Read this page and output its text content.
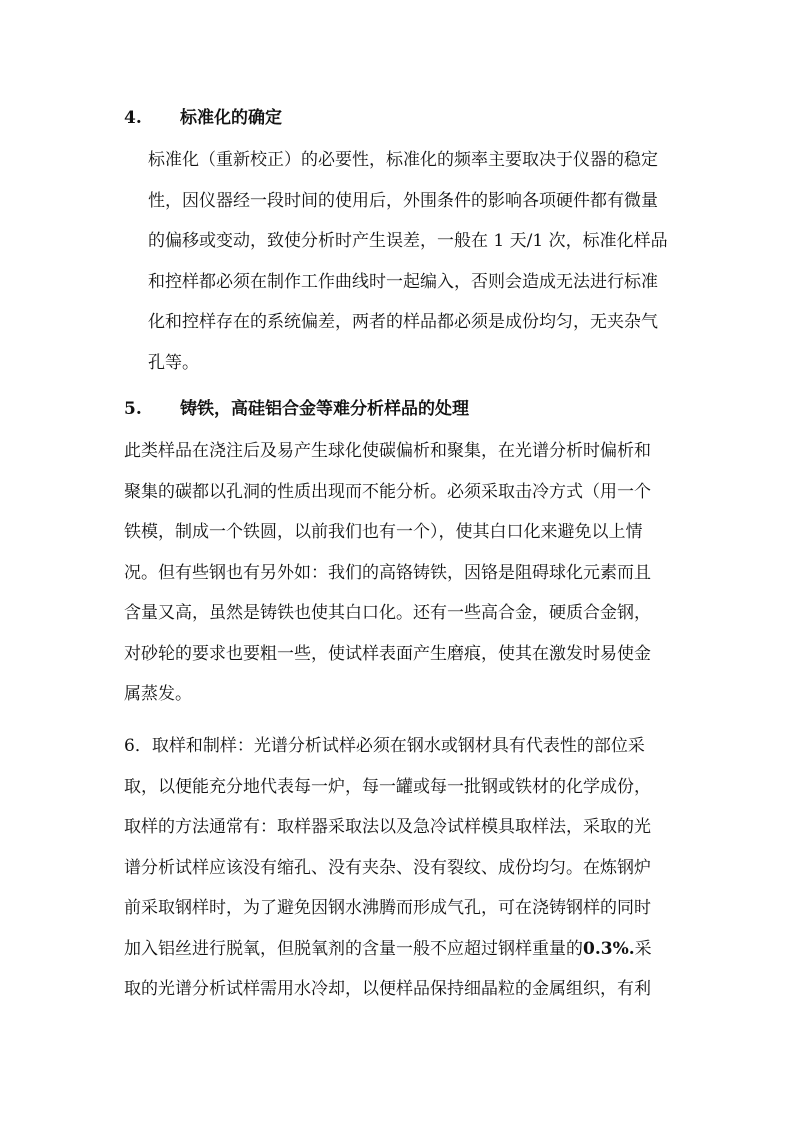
4. 标准化的确定
标准化（重新校正）的必要性，标准化的频率主要取决于仪器的稳定
性，因仪器经一段时间的使用后，外围条件的影响各项硬件都有微量
的偏移或变动，致使分析时产生误差，一般在 1 天/1 次，标准化样品
和控样都必须在制作工作曲线时一起编入，否则会造成无法进行标准
化和控样存在的系统偏差，两者的样品都必须是成份均匀，无夹杂气
孔等。
5. 铸铁，高硅铝合金等难分析样品的处理
此类样品在浇注后及易产生球化使碳偏析和聚集，在光谱分析时偏析和
聚集的碳都以孔洞的性质出现而不能分析。必须采取击冷方式（用一个
铁模，制成一个铁圆，以前我们也有一个），使其白口化来避免以上情
况。但有些钢也有另外如：我们的高铬铸铁，因铬是阻碍球化元素而且
含量又高，虽然是铸铁也使其白口化。还有一些高合金，硬质合金钢，
对砂轮的要求也要粗一些，使试样表面产生磨痕，使其在激发时易使金
属蒸发。
6．取样和制样：光谱分析试样必须在钢水或钢材具有代表性的部位采
取，以便能充分地代表每一炉，每一罐或每一批钢或铁材的化学成份，
取样的方法通常有：取样器采取法以及急冷试样模具取样法，采取的光
谱分析试样应该没有缩孔、没有夹杂、没有裂纹、成份均匀。在炼钢炉
前采取钢样时，为了避免因钢水沸腾而形成气孔，可在浇铸钢样的同时
加入铝丝进行脱氧，但脱氧剂的含量一般不应超过钢样重量的0.3%.采
取的光谱分析试样需用水冷却，以便样品保持细晶粒的金属组织，有利
